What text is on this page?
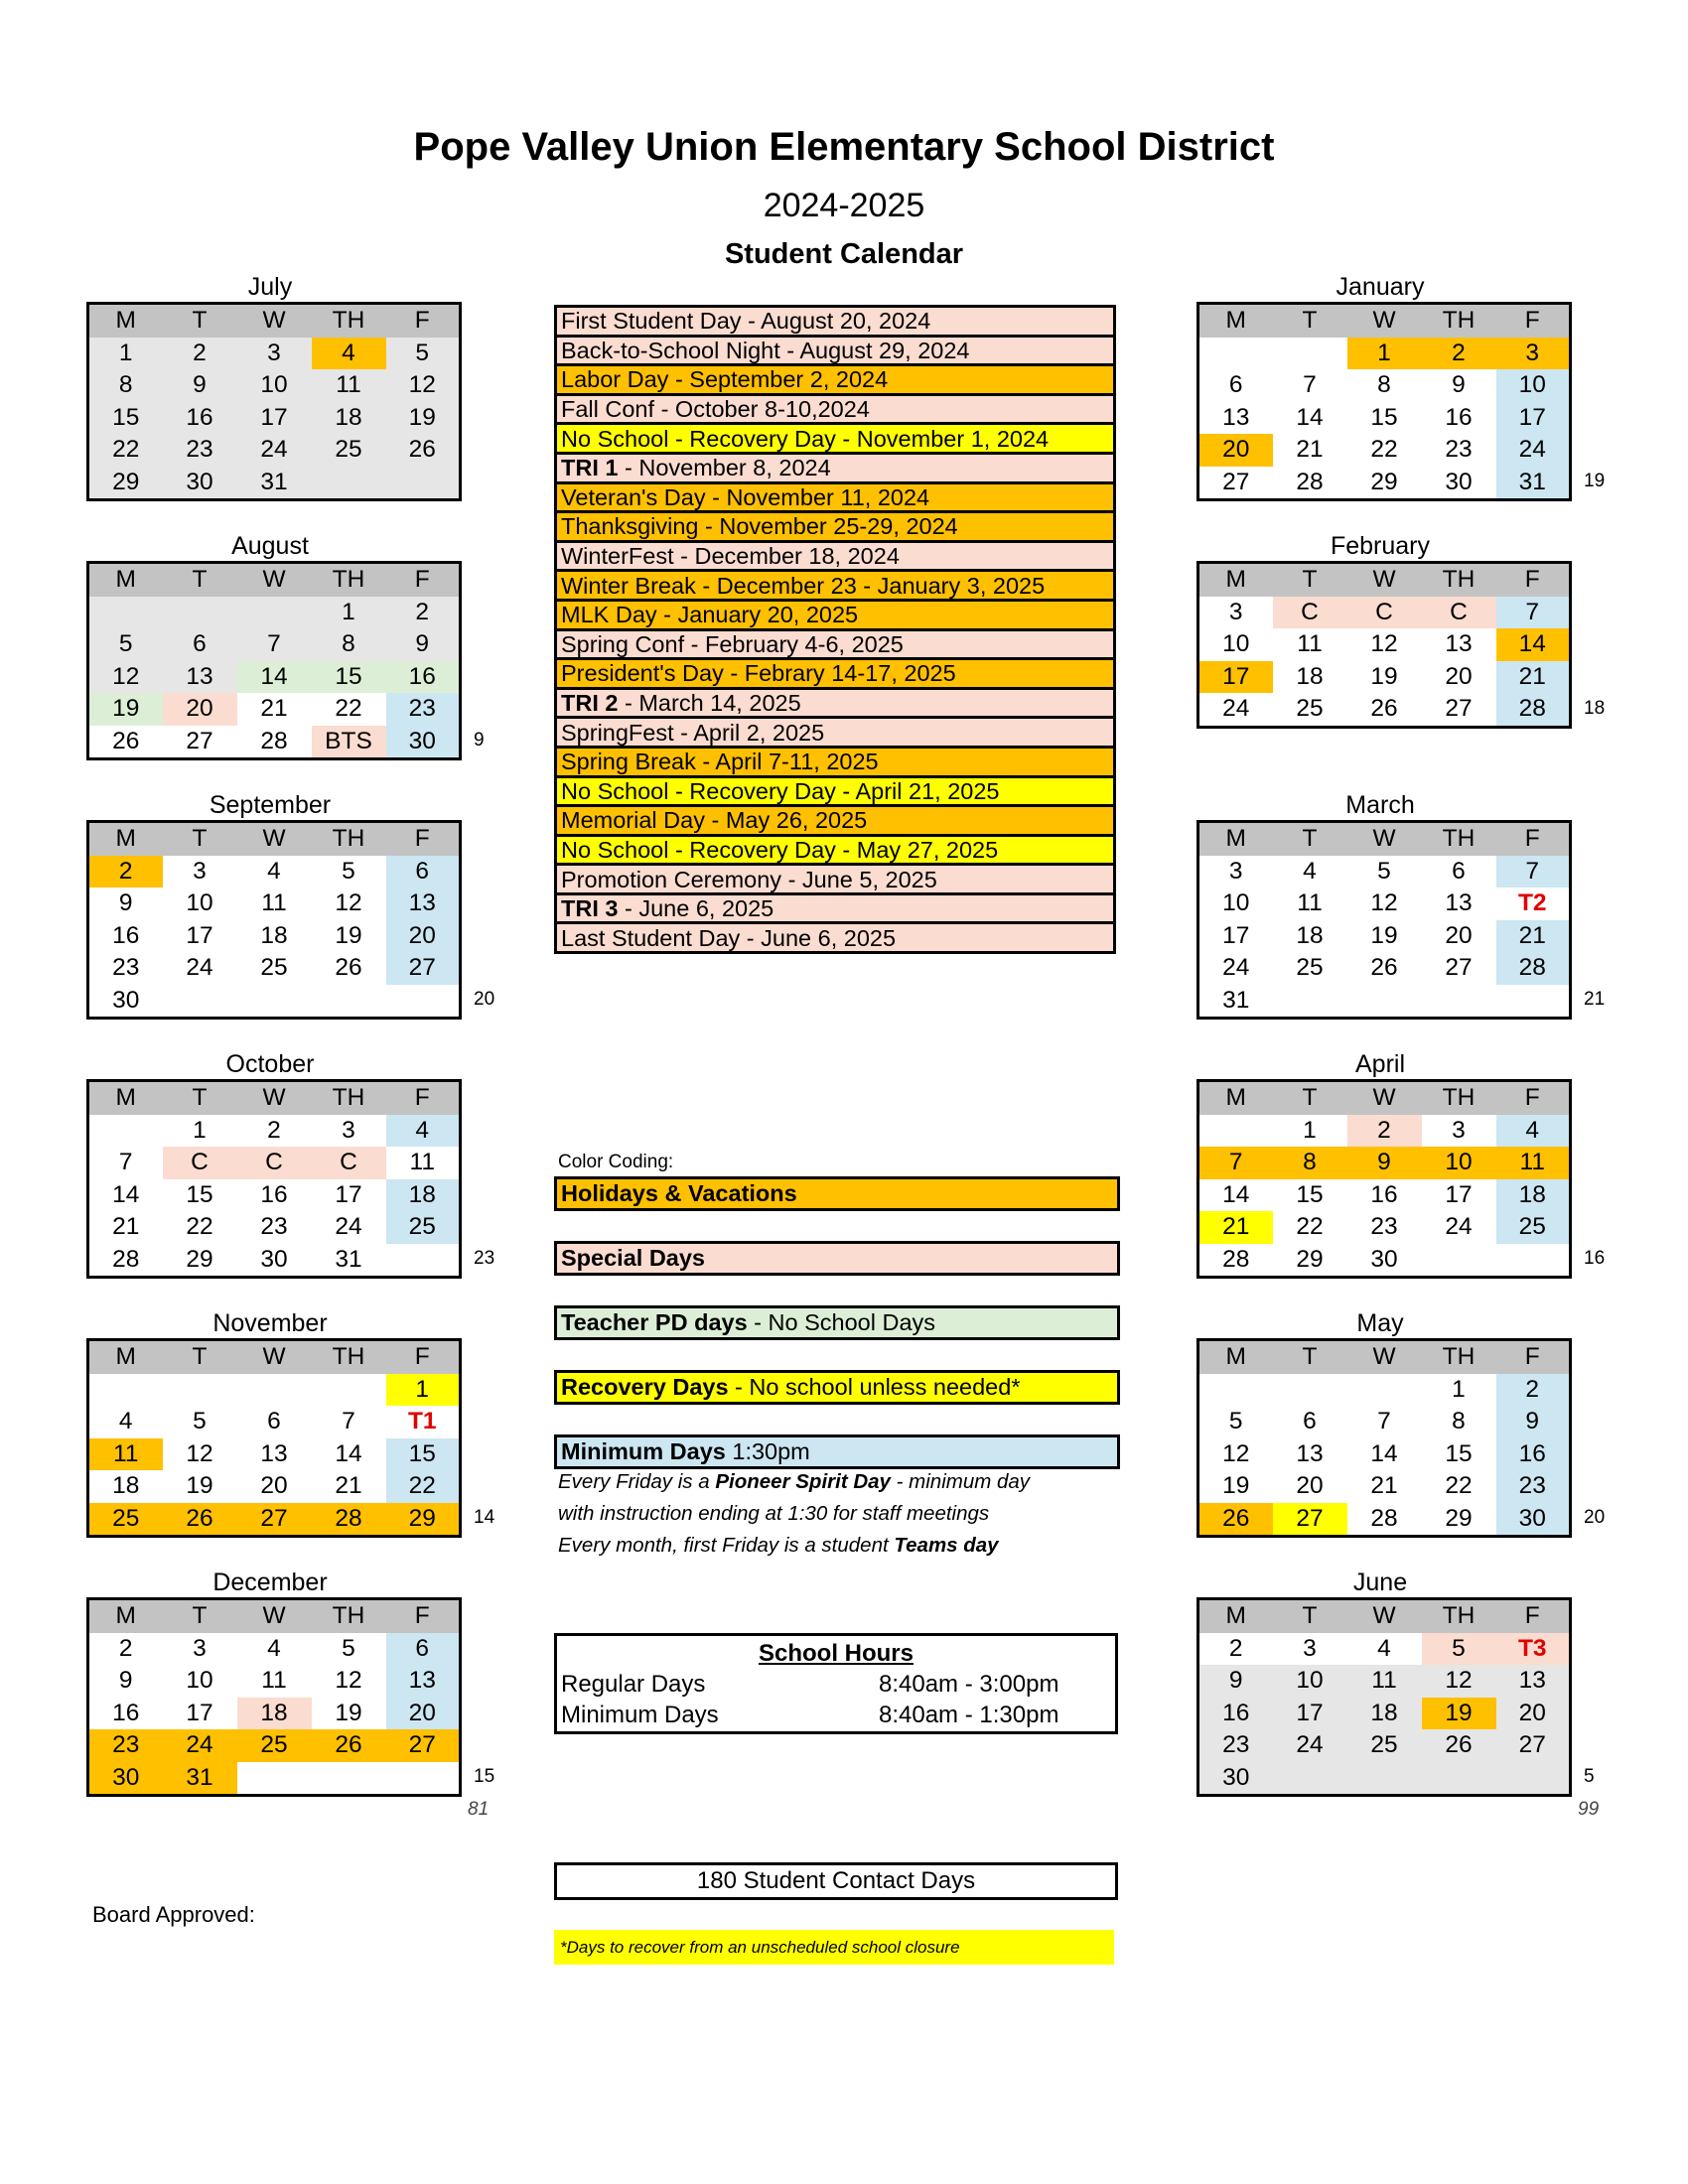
Pope Valley Union Elementary School District
2024-2025
Student Calendar
July
M	T	W	TH	F
1	2	3	4	5
8	9	10	11	12
15	16	17	18	19
22	23	24	25	26
29	30	31		
August
M	T	W	TH	F
			1	2
5	6	7	8	9
12	13	14	15	16
19	20	21	22	23
26	27	28	BTS	30 9
September
M	T	W	TH	F
2	3	4	5	6
9	10	11	12	13
16	17	18	19	20
23	24	25	26	27
30					20
October
M	T	W	TH	F
	1	2	3	4
7	C	C	C	11
14	15	16	17	18
21	22	23	24	25
28	29	30	31		23
November
M	T	W	TH	F
				1
4	5	6	7	T1
11	12	13	14	15
18	19	20	21	22
25	26	27	28	29 14
December
M	T	W	TH	F
2	3	4	5	6
9	10	11	12	13
16	17	18	19	20
23	24	25	26	27
30	31				15
81
January
M	T	W	TH	F
		1	2	3
6	7	8	9	10
13	14	15	16	17
20	21	22	23	24
27	28	29	30	31 19
February
M	T	W	TH	F
3	C	C	C	7
10	11	12	13	14
17	18	19	20	21
24	25	26	27	28 18
March
M	T	W	TH	F
3	4	5	6	7
10	11	12	13	T2
17	18	19	20	21
24	25	26	27	28
31					21
April
M	T	W	TH	F
	1	2	3	4
7	8	9	10	11
14	15	16	17	18
21	22	23	24	25
28	29	30			16
May
M	T	W	TH	F
			1	2
5	6	7	8	9
12	13	14	15	16
19	20	21	22	23
26	27	28	29	30 20
June
M	T	W	TH	F
2	3	4	5	T3
9	10	11	12	13
16	17	18	19	20
23	24	25	26	27
30					5
99
First Student Day - August 20, 2024
Back-to-School Night - August 29, 2024
Labor Day - September 2, 2024
Fall Conf - October 8-10,2024
No School - Recovery Day - November 1, 2024
TRI 1 - November 8, 2024
Veteran's Day - November 11, 2024
Thanksgiving - November 25-29, 2024
WinterFest - December 18, 2024
Winter Break - December 23 - January 3, 2025
MLK Day - January 20, 2025
Spring Conf - February 4-6, 2025
President's Day - Febrary 14-17, 2025
TRI 2 - March 14, 2025
SpringFest - April 2, 2025
Spring Break - April 7-11, 2025
No School - Recovery Day - April 21, 2025
Memorial Day - May 26, 2025
No School - Recovery Day - May 27, 2025
Promotion Ceremony - June 5, 2025
TRI 3 - June 6, 2025
Last Student Day - June 6, 2025
Color Coding:
Holidays & Vacations
Special Days
Teacher PD days - No School Days
Recovery Days - No school unless needed*
Minimum Days 1:30pm
Every Friday is a Pioneer Spirit Day - minimum day
with instruction ending at 1:30 for staff meetings
Every month, first Friday is a student Teams day
School Hours
Regular Days	8:40am - 3:00pm
Minimum Days	8:40am - 1:30pm
180 Student Contact Days
Board Approved:
*Days to recover from an unscheduled school closure
